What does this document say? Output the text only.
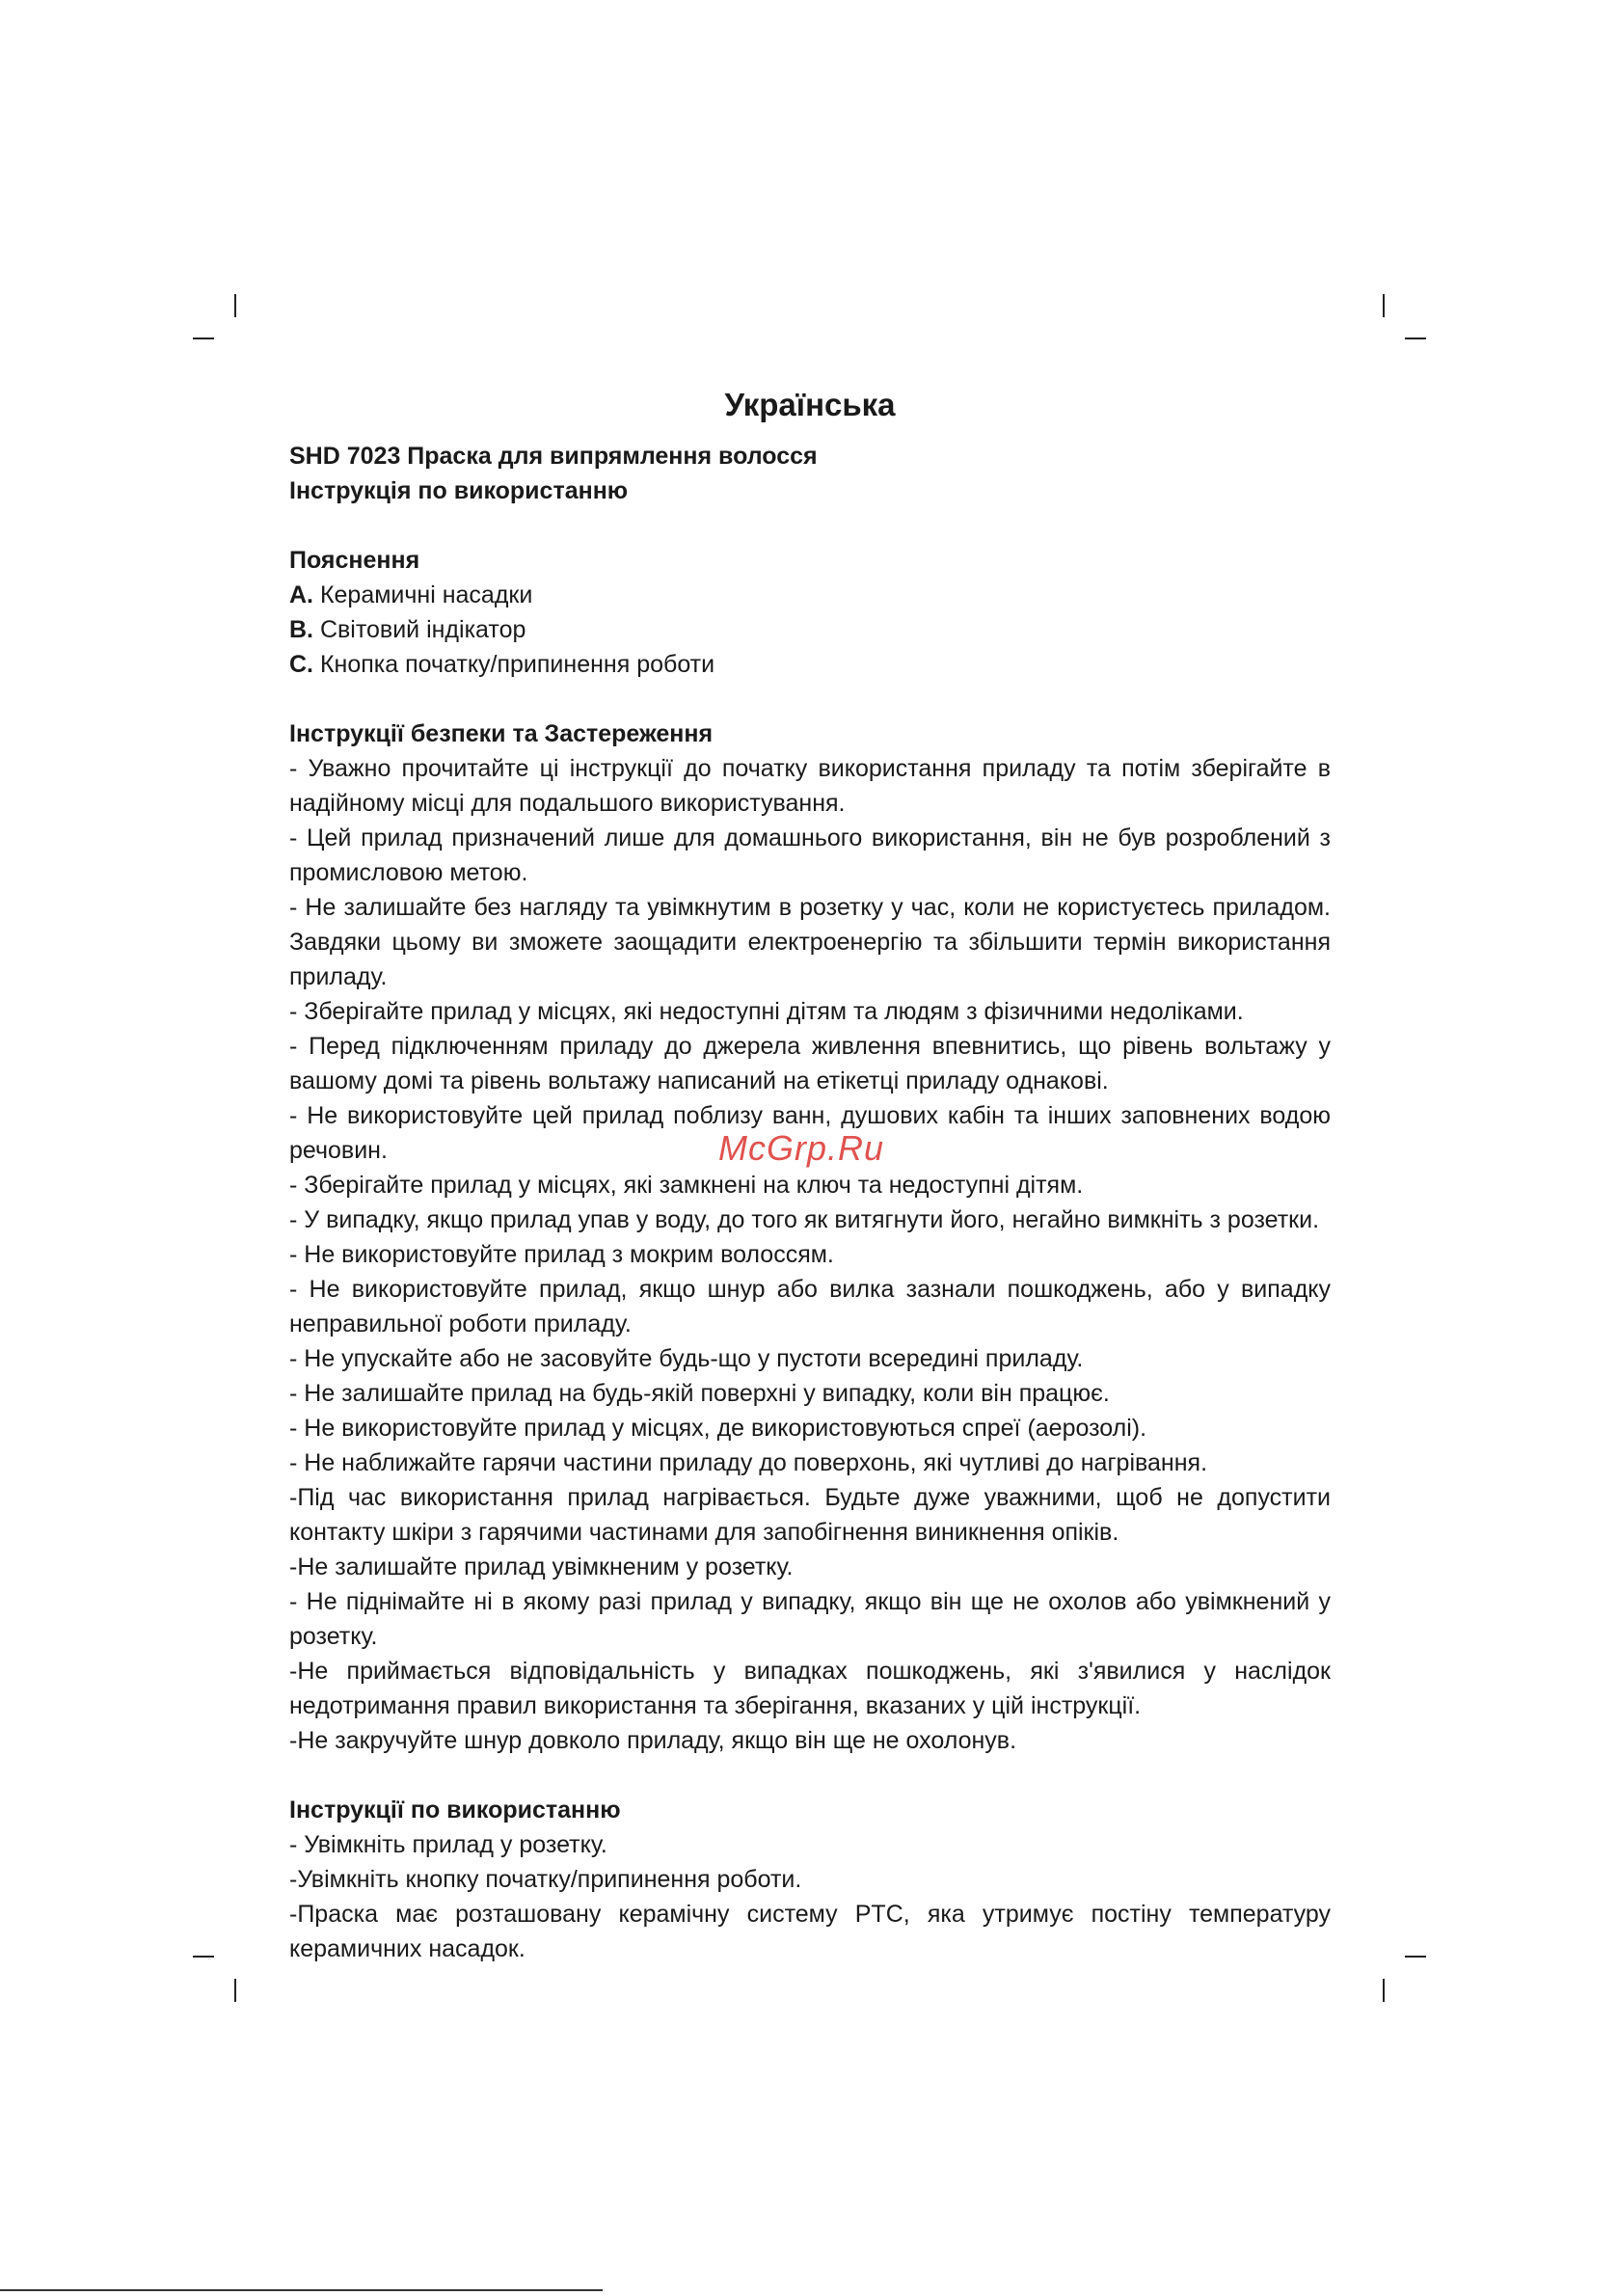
Українська

SHD 7023 Праска для випрямлення волосся

Інструкція по використанню

Пояснення

A. Керамичні насадки

B. Світовий індікатор

C. Кнопка початку/припинення роботи

Інструкції безпеки та Застереження

- Уважно прочитайте ці інструкції до початку використання приладу та потім зберігайте в надійному місці для подальшого використування.

- Цей прилад призначений лише для домашнього використання, він не був розроблений з промисловою метою.

- Не залишайте без нагляду та увімкнутим в розетку у час, коли не користуєтесь приладом. Завдяки цьому ви зможете заощадити електроенергію та збільшити термін використання приладу.

- Зберігайте прилад у місцях, які недоступні дітям та людям з фізичними недоліками.

- Перед підключенням приладу до джерела живлення впевнитись, що рівень вольтажу у вашому домі та рівень вольтажу написаний на етікетці приладу однакові.

- Не використовуйте цей прилад поблизу ванн, душових кабін та інших заповнених водою речовин.

- Зберігайте прилад у місцях, які замкнені на ключ та недоступні дітям.

- У випадку, якщо прилад упав у воду, до того як витягнути його, негайно вимкніть з розетки.

- Не використовуйте прилад з мокрим волоссям.

- Не використовуйте прилад, якщо шнур або вилка зазнали пошкоджень, або у випадку неправильної роботи приладу.

- Не упускайте або не засовуйте будь-що у пустоти всередині приладу.

- Не залишайте прилад на будь-якій поверхні у випадку, коли він працює.

- Не використовуйте прилад у місцях, де використовуються спреї (аерозолі).

- Не наближайте гарячи частини приладу до поверхонь, які чутливі до нагрівання.

-Під час використання прилад нагрівається. Будьте дуже уважними, щоб не допустити контакту шкіри з гарячими частинами для запобігнення виникнення опіків.

-Не залишайте прилад увімкненим у розетку.

- Не піднімайте ні в якому разі прилад у випадку, якщо він ще не охолов або увімкнений у розетку.

-Не приймається відповідальність у випадках пошкоджень, які з'явилися у наслідок недотримання правил використання та зберігання, вказаних у цій інструкції.

-Не закручуйте шнур довколо приладу, якщо він ще не охолонув.

Інструкції по використанню

- Увімкніть прилад у розетку.

-Увімкніть кнопку початку/припинення роботи.

-Праска має розташовану керамічну систему PTC, яка утримує постіну температуру керамичних насадок.

McGrp.Ru
